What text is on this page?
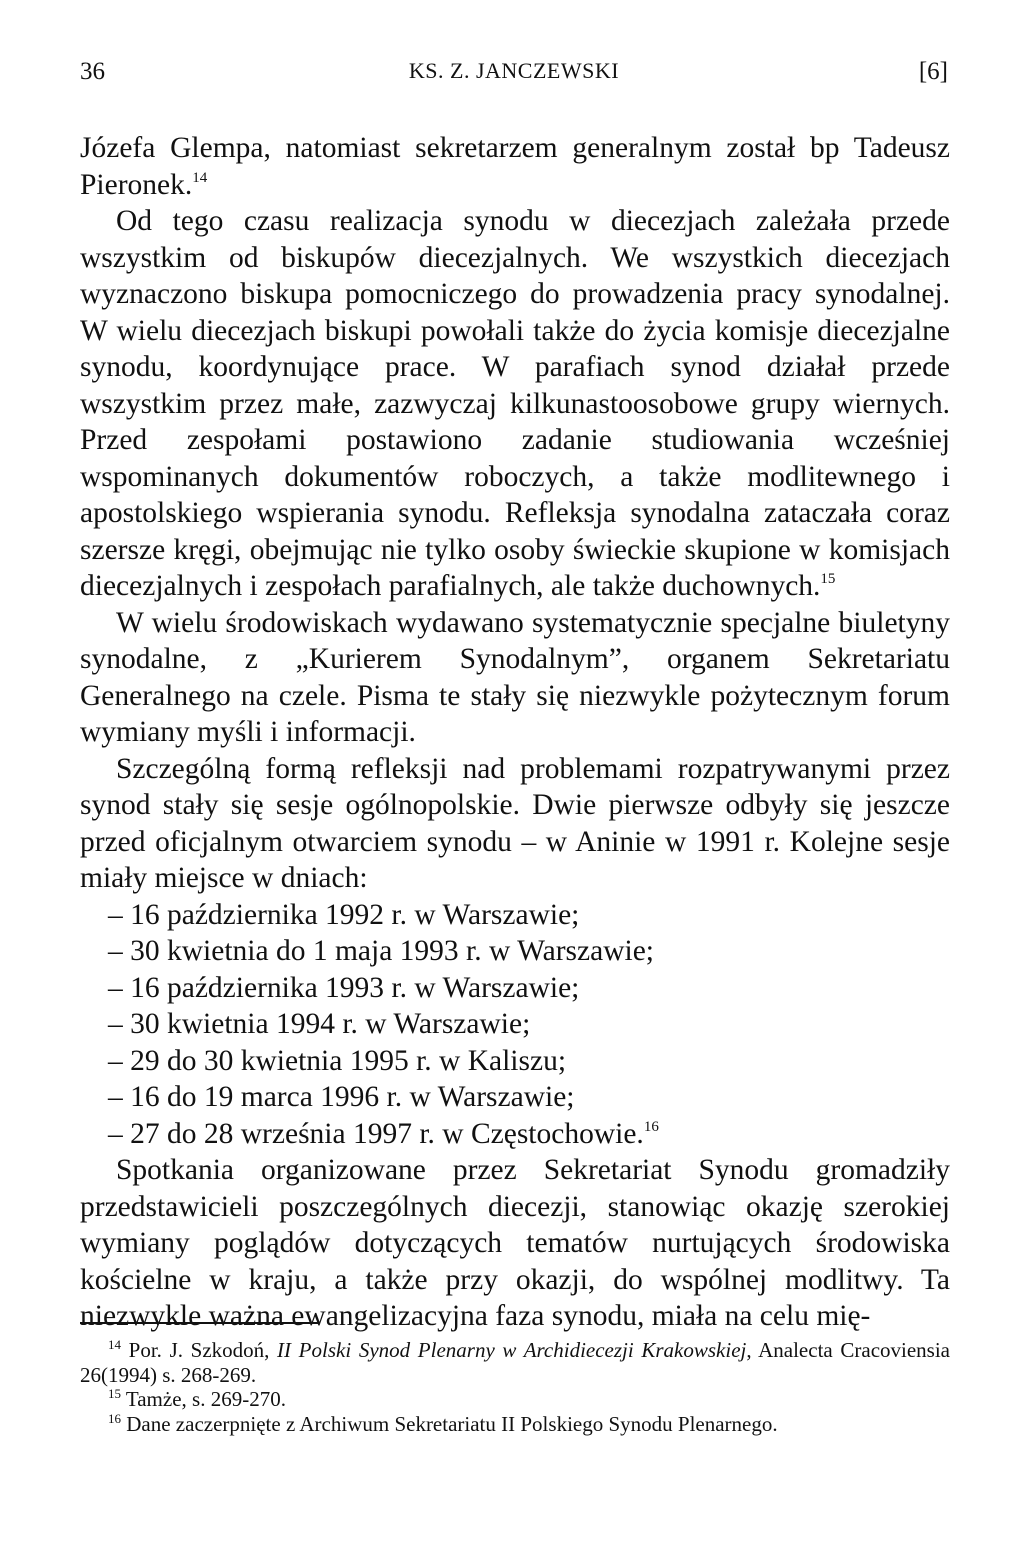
36	KS. Z. JANCZEWSKI	[6]

Józefa Glempa, natomiast sekretarzem generalnym został bp Tadeusz Pieronek.$^{14}$

Od tego czasu realizacja synodu w diecezjach zależała przede wszystkim od biskupów diecezjalnych. We wszystkich diecezjach wyznaczono biskupa pomocniczego do prowadzenia pracy synodalnej. W wielu diecezjach biskupi powołali także do życia komisje diecezjalne synodu, koordynujące prace. W parafiach synod działał przede wszystkim przez małe, zazwyczaj kilkunastoosobowe grupy wiernych. Przed zespołami postawiono zadanie studiowania wcześniej wspominanych dokumentów roboczych, a także modlitewnego i apostolskiego wspierania synodu. Refleksja synodalna zataczała coraz szersze kręgi, obejmując nie tylko osoby świeckie skupione w komisjach diecezjalnych i zespołach parafialnych, ale także duchownych.$^{15}$

W wielu środowiskach wydawano systematycznie specjalne biuletyny synodalne, z „Kurierem Synodalnym”, organem Sekretariatu Generalnego na czele. Pisma te stały się niezwykle pożytecznym forum wymiany myśli i informacji.

Szczególną formą refleksji nad problemami rozpatrywanymi przez synod stały się sesje ogólnopolskie. Dwie pierwsze odbyły się jeszcze przed oficjalnym otwarciem synodu – w Aninie w 1991 r. Kolejne sesje miały miejsce w dniach:

– 16 października 1992 r. w Warszawie;
– 30 kwietnia do 1 maja 1993 r. w Warszawie;
– 16 października 1993 r. w Warszawie;
– 30 kwietnia 1994 r. w Warszawie;
– 29 do 30 kwietnia 1995 r. w Kaliszu;
– 16 do 19 marca 1996 r. w Warszawie;
– 27 do 28 września 1997 r. w Częstochowie.$^{16}$

Spotkania organizowane przez Sekretariat Synodu gromadziły przedstawicieli poszczególnych diecezji, stanowiąc okazję szerokiej wymiany poglądów dotyczących tematów nurtujących środowiska kościelne w kraju, a także przy okazji, do wspólnej modlitwy. Ta niezwykle ważna ewangelizacyjna faza synodu, miała na celu mię-

$^{14}$ Por. J. Szkodoń, II Polski Synod Plenarny w Archidiecezji Krakowskiej, Analecta Cracoviensia 26(1994) s. 268-269.

$^{15}$ Tamże, s. 269-270.

$^{16}$ Dane zaczerpnięte z Archiwum Sekretariatu II Polskiego Synodu Plenarnego.
